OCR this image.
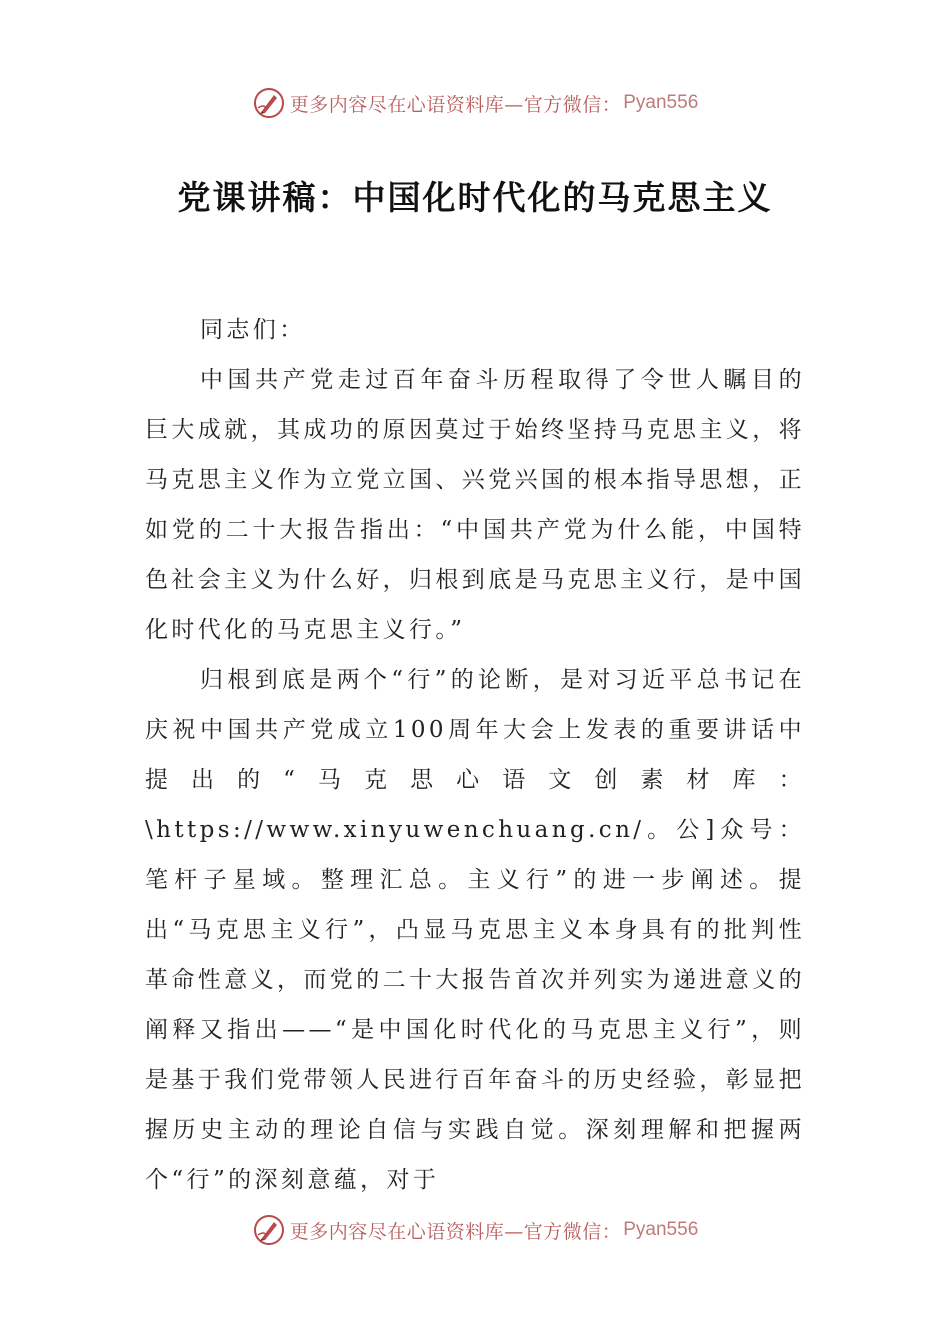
更多内容尽在心语资料库—官方微信： Pyan556
党课讲稿：中国化时代化的马克思主义

同志们：

中国共产党走过百年奋斗历程取得了令世人瞩目的巨大成就，其成功的原因莫过于始终坚持马克思主义，将马克思主义作为立党立国、兴党兴国的根本指导思想，正如党的二十大报告指出：“中国共产党为什么能，中国特色社会主义为什么好，归根到底是马克思主义行，是中国化时代化的马克思主义行。”

归根到底是两个“行”的论断，是对习近平总书记在庆祝中国共产党成立100周年大会上发表的重要讲话中提出的“马克思心语文创素材库：\https://www.xinyuwenchuang.cn/。公]众号：笔杆子星域。整理汇总。主义行”的进一步阐述。提出“马克思主义行”，凸显马克思主义本身具有的批判性革命性意义，而党的二十大报告首次并列实为递进意义的阐释又指出——“是中国化时代化的马克思主义行”，则是基于我们党带领人民进行百年奋斗的历史经验，彰显把握历史主动的理论自信与实践自觉。深刻理解和把握两个“行”的深刻意蕴，对于

更多内容尽在心语资料库—官方微信： Pyan556
